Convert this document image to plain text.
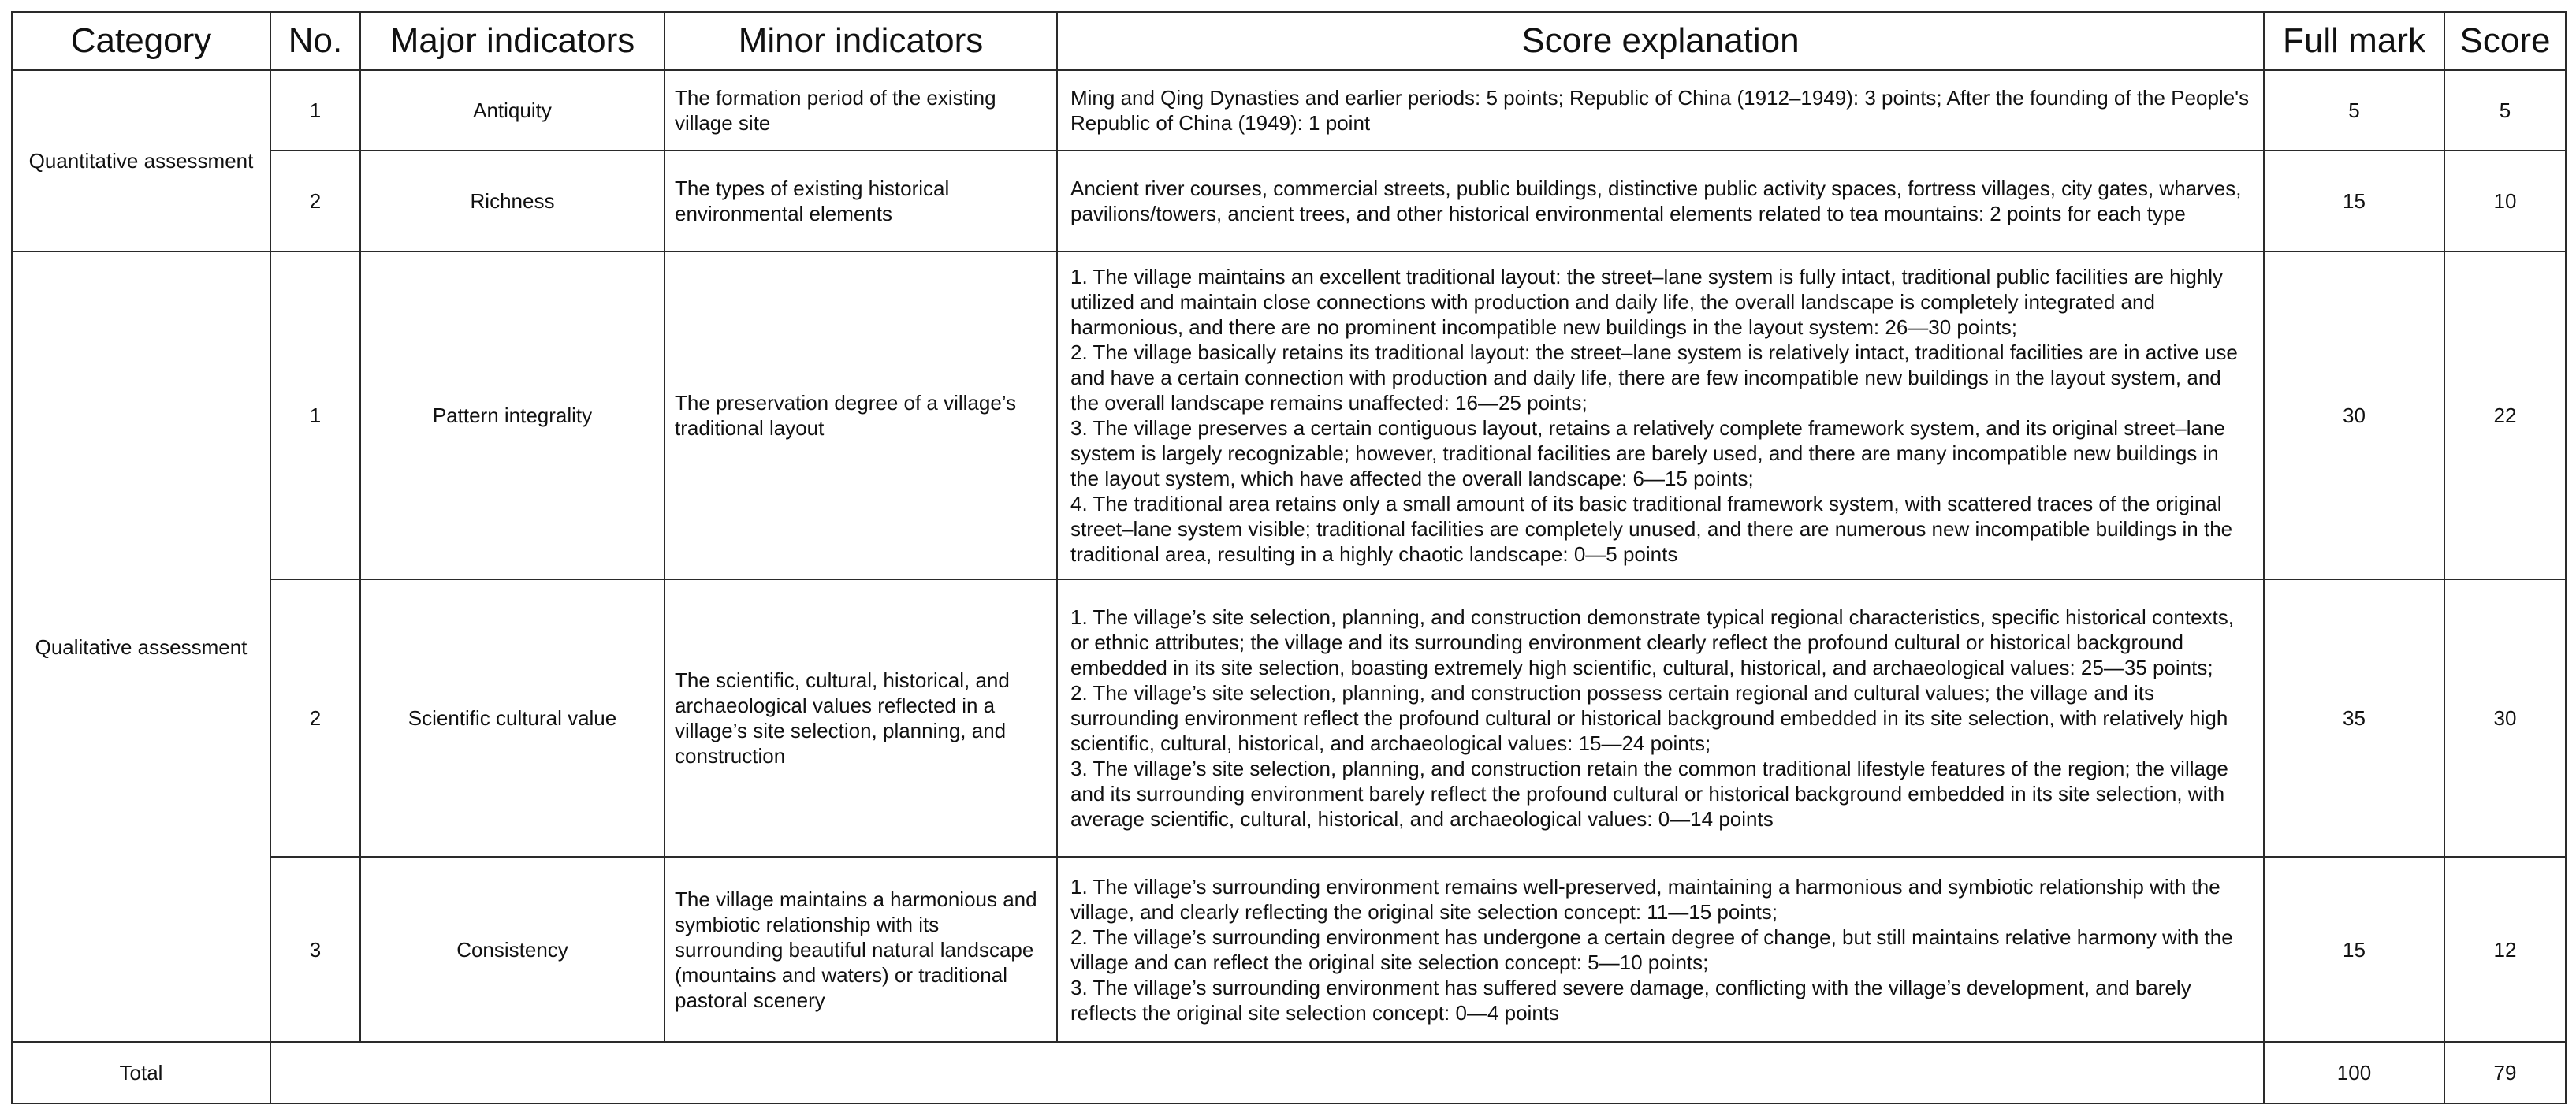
Category	No.	Major indicators	Minor indicators	Score explanation	Full mark	Score
Quantitative assessment	1	Antiquity	The formation period of the existing village site	Ming and Qing Dynasties and earlier periods: 5 points; Republic of China (1912–1949): 3 points; After the founding of the People's Republic of China (1949): 1 point	5	5
	2	Richness	The types of existing historical environmental elements	Ancient river courses, commercial streets, public buildings, distinctive public activity spaces, fortress villages, city gates, wharves, pavilions/towers, ancient trees, and other historical environmental elements related to tea mountains: 2 points for each type	15	10
Qualitative assessment	1	Pattern integrality	The preservation degree of a village’s traditional layout	1. The village maintains an excellent traditional layout: the street–lane system is fully intact, traditional public facilities are highly utilized and maintain close connections with production and daily life, the overall landscape is completely integrated and harmonious, and there are no prominent incompatible new buildings in the layout system: 26—30 points;
2. The village basically retains its traditional layout: the street–lane system is relatively intact, traditional facilities are in active use and have a certain connection with production and daily life, there are few incompatible new buildings in the layout system, and the overall landscape remains unaffected: 16—25 points;
3. The village preserves a certain contiguous layout, retains a relatively complete framework system, and its original street–lane system is largely recognizable; however, traditional facilities are barely used, and there are many incompatible new buildings in the layout system, which have affected the overall landscape: 6—15 points;
4. The traditional area retains only a small amount of its basic traditional framework system, with scattered traces of the original street–lane system visible; traditional facilities are completely unused, and there are numerous new incompatible buildings in the traditional area, resulting in a highly chaotic landscape: 0—5 points	30	22
	2	Scientific cultural value	The scientific, cultural, historical, and archaeological values reflected in a village’s site selection, planning, and construction	1. The village’s site selection, planning, and construction demonstrate typical regional characteristics, specific historical contexts, or ethnic attributes; the village and its surrounding environment clearly reflect the profound cultural or historical background embedded in its site selection, boasting extremely high scientific, cultural, historical, and archaeological values: 25—35 points;
2. The village’s site selection, planning, and construction possess certain regional and cultural values; the village and its surrounding environment reflect the profound cultural or historical background embedded in its site selection, with relatively high scientific, cultural, historical, and archaeological values: 15—24 points;
3. The village’s site selection, planning, and construction retain the common traditional lifestyle features of the region; the village and its surrounding environment barely reflect the profound cultural or historical background embedded in its site selection, with average scientific, cultural, historical, and archaeological values: 0—14 points	35	30
	3	Consistency	The village maintains a harmonious and symbiotic relationship with its surrounding beautiful natural landscape (mountains and waters) or traditional pastoral scenery	1. The village’s surrounding environment remains well-preserved, maintaining a harmonious and symbiotic relationship with the village, and clearly reflecting the original site selection concept: 11—15 points;
2. The village’s surrounding environment has undergone a certain degree of change, but still maintains relative harmony with the village and can reflect the original site selection concept: 5—10 points;
3. The village’s surrounding environment has suffered severe damage, conflicting with the village’s development, and barely reflects the original site selection concept: 0—4 points	15	12
Total					100	79
